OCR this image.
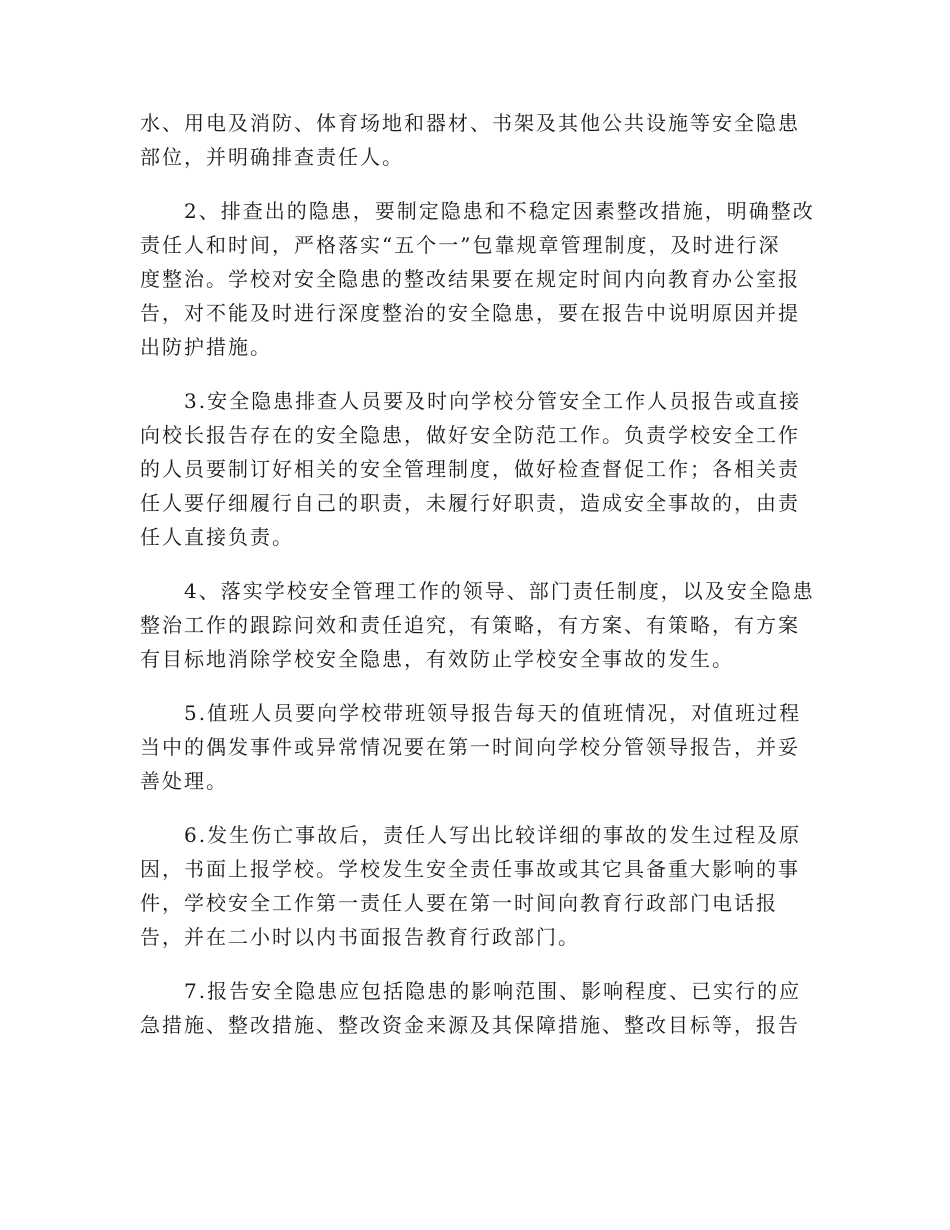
水、用电及消防、体育场地和器材、书架及其他公共设施等安全隐患
部位，并明确排查责任人。
2、排查出的隐患，要制定隐患和不稳定因素整改措施，明确整改
责任人和时间，严格落实“五个一”包靠规章管理制度，及时进行深
度整治。学校对安全隐患的整改结果要在规定时间内向教育办公室报
告，对不能及时进行深度整治的安全隐患，要在报告中说明原因并提
出防护措施。
3.安全隐患排查人员要及时向学校分管安全工作人员报告或直接
向校长报告存在的安全隐患，做好安全防范工作。负责学校安全工作
的人员要制订好相关的安全管理制度，做好检查督促工作；各相关责
任人要仔细履行自己的职责，未履行好职责，造成安全事故的，由责
任人直接负责。
4、落实学校安全管理工作的领导、部门责任制度，以及安全隐患
整治工作的跟踪问效和责任追究，有策略，有方案、有策略，有方案
有目标地消除学校安全隐患，有效防止学校安全事故的发生。
5.值班人员要向学校带班领导报告每天的值班情况，对值班过程
当中的偶发事件或异常情况要在第一时间向学校分管领导报告，并妥
善处理。
6.发生伤亡事故后，责任人写出比较详细的事故的发生过程及原
因，书面上报学校。学校发生安全责任事故或其它具备重大影响的事
件，学校安全工作第一责任人要在第一时间向教育行政部门电话报
告，并在二小时以内书面报告教育行政部门。
7.报告安全隐患应包括隐患的影响范围、影响程度、已实行的应
急措施、整改措施、整改资金来源及其保障措施、整改目标等，报告
